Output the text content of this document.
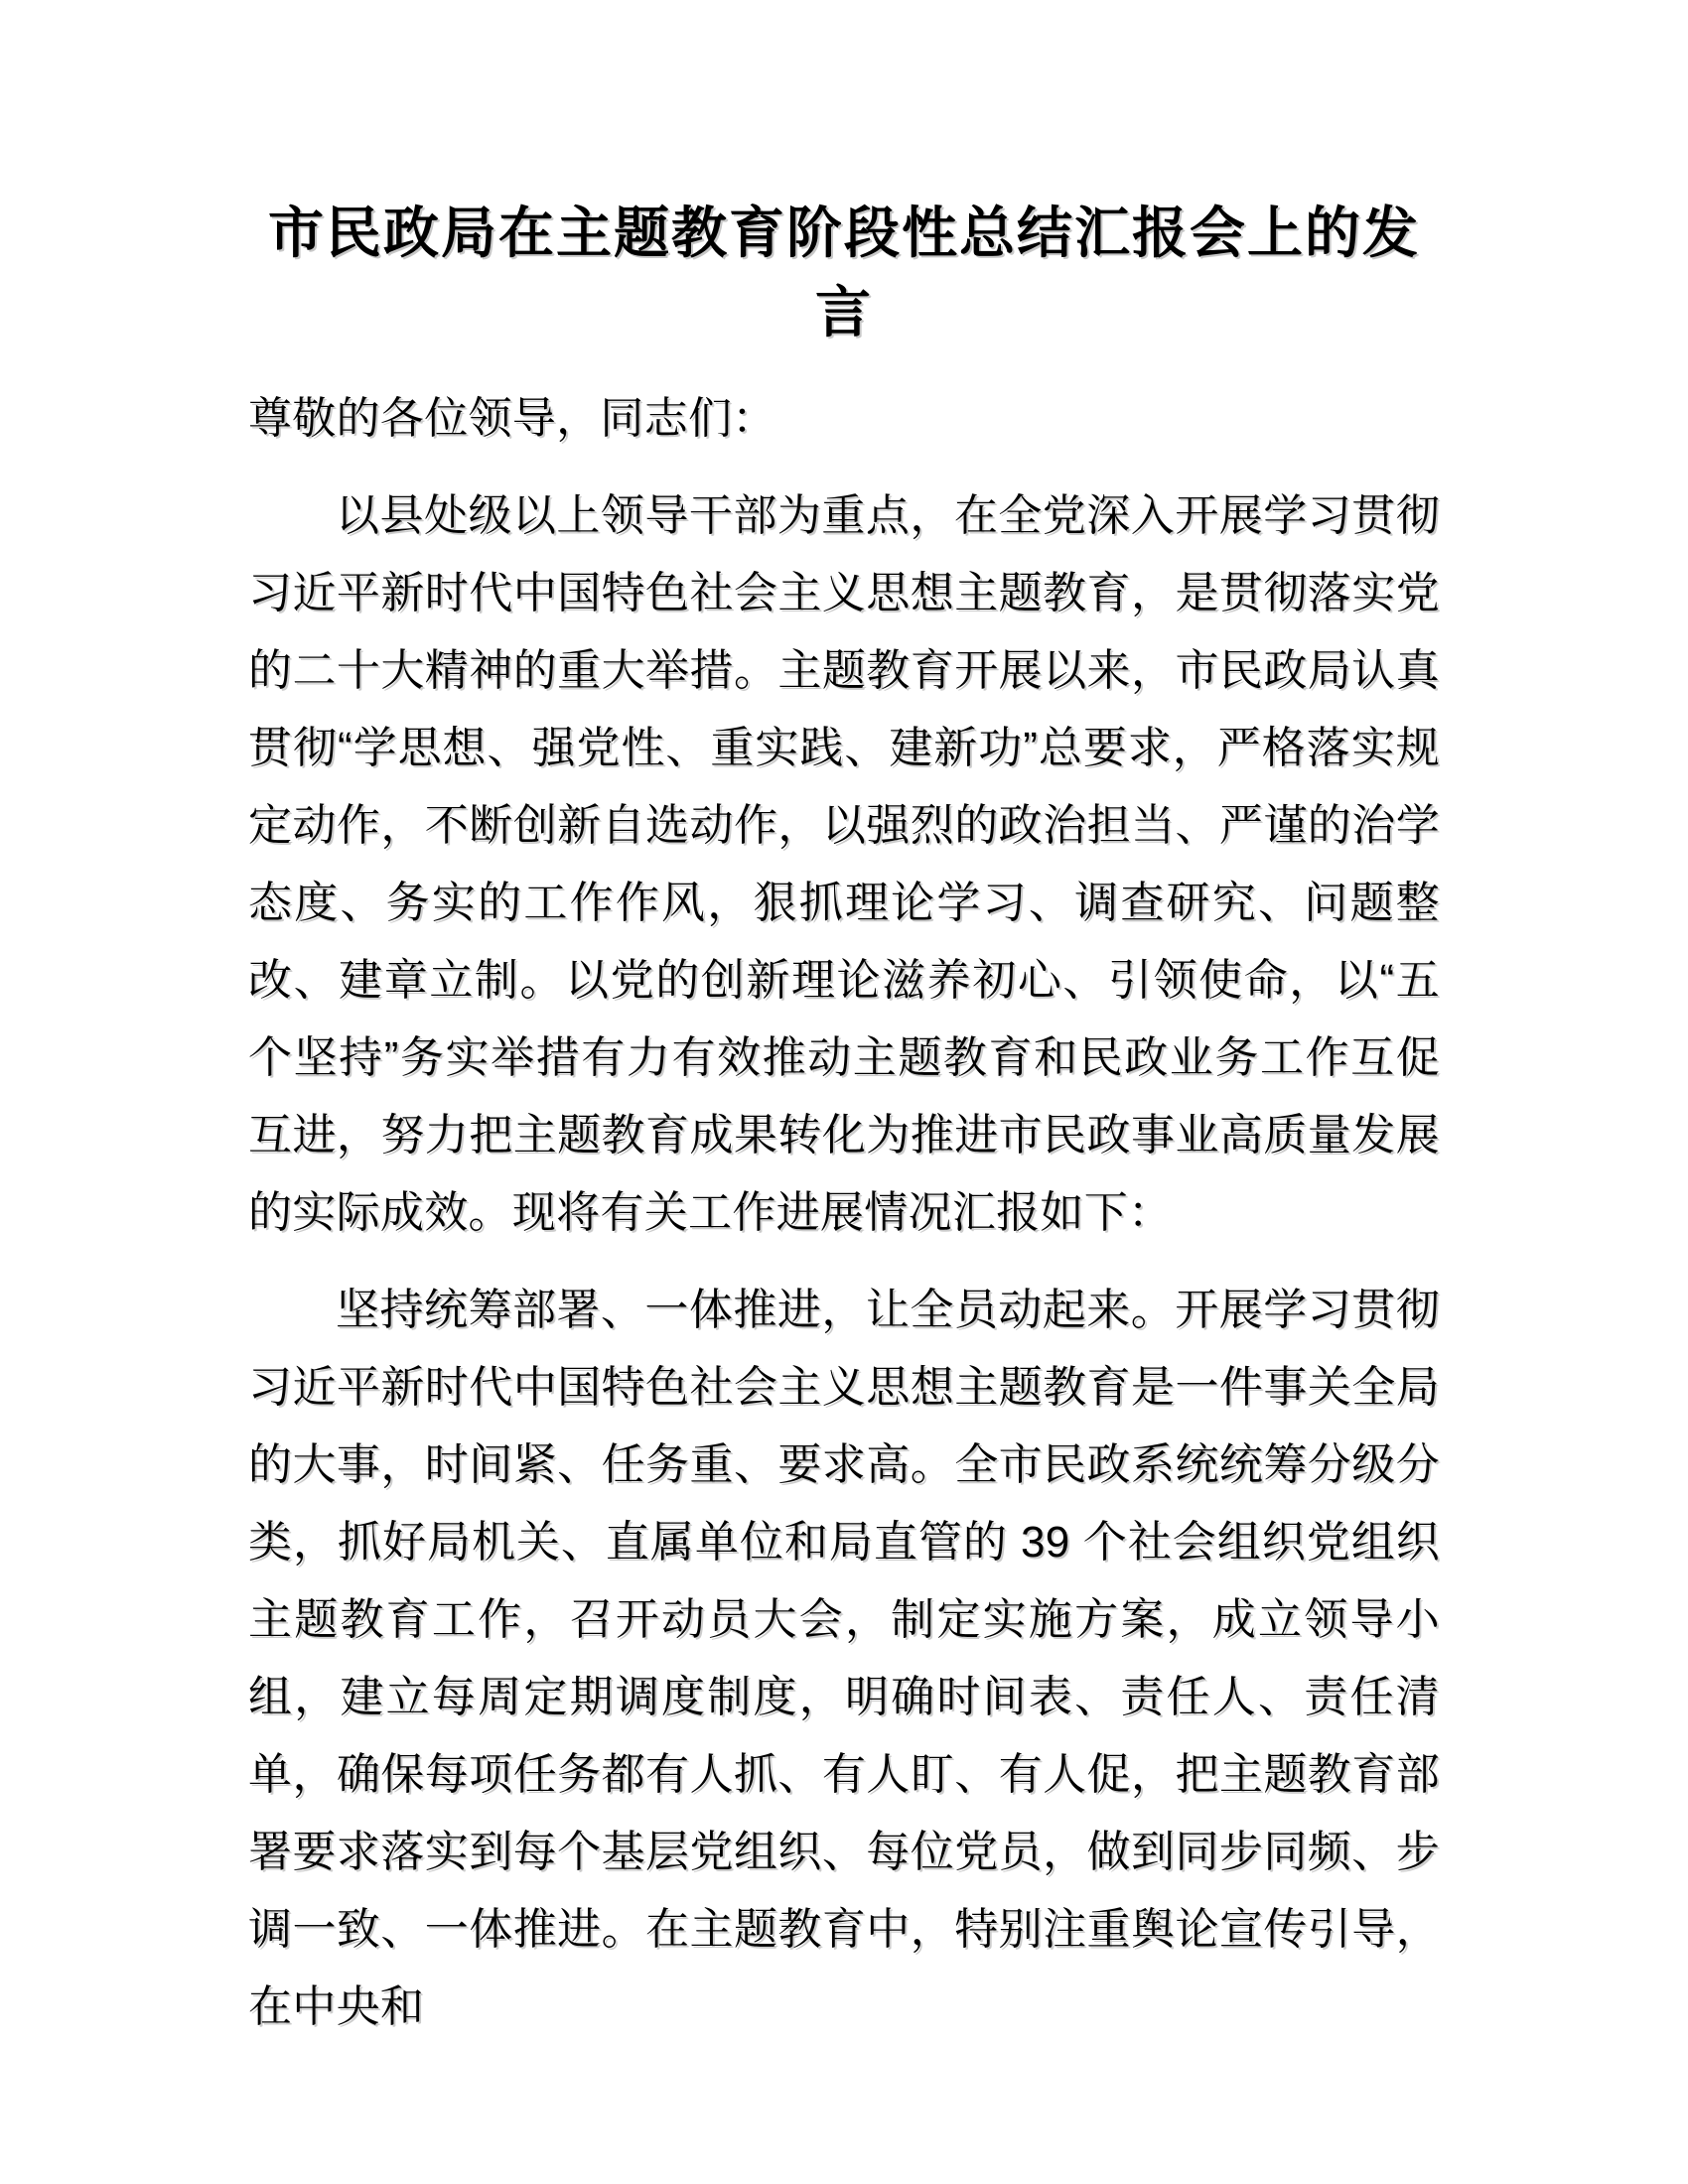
市民政局在主题教育阶段性总结汇报会上的发言
尊敬的各位领导，同志们：
以县处级以上领导干部为重点，在全党深入开展学习贯彻习近平新时代中国特色社会主义思想主题教育，是贯彻落实党的二十大精神的重大举措。主题教育开展以来，市民政局认真贯彻“学思想、强党性、重实践、建新功”总要求，严格落实规定动作，不断创新自选动作，以强烈的政治担当、严谨的治学态度、务实的工作作风，狠抓理论学习、调查研究、问题整改、建章立制。以党的创新理论滋养初心、引领使命，以“五个坚持”务实举措有力有效推动主题教育和民政业务工作互促互进，努力把主题教育成果转化为推进市民政事业高质量发展的实际成效。现将有关工作进展情况汇报如下：
坚持统筹部署、一体推进，让全员动起来。开展学习贯彻习近平新时代中国特色社会主义思想主题教育是一件事关全局的大事，时间紧、任务重、要求高。全市民政系统统筹分级分类，抓好局机关、直属单位和局直管的 39 个社会组织党组织主题教育工作，召开动员大会，制定实施方案，成立领导小组，建立每周定期调度制度，明确时间表、责任人、责任清单，确保每项任务都有人抓、有人盯、有人促，把主题教育部署要求落实到每个基层党组织、每位党员，做到同步同频、步调一致、一体推进。在主题教育中，特别注重舆论宣传引导，在中央和
